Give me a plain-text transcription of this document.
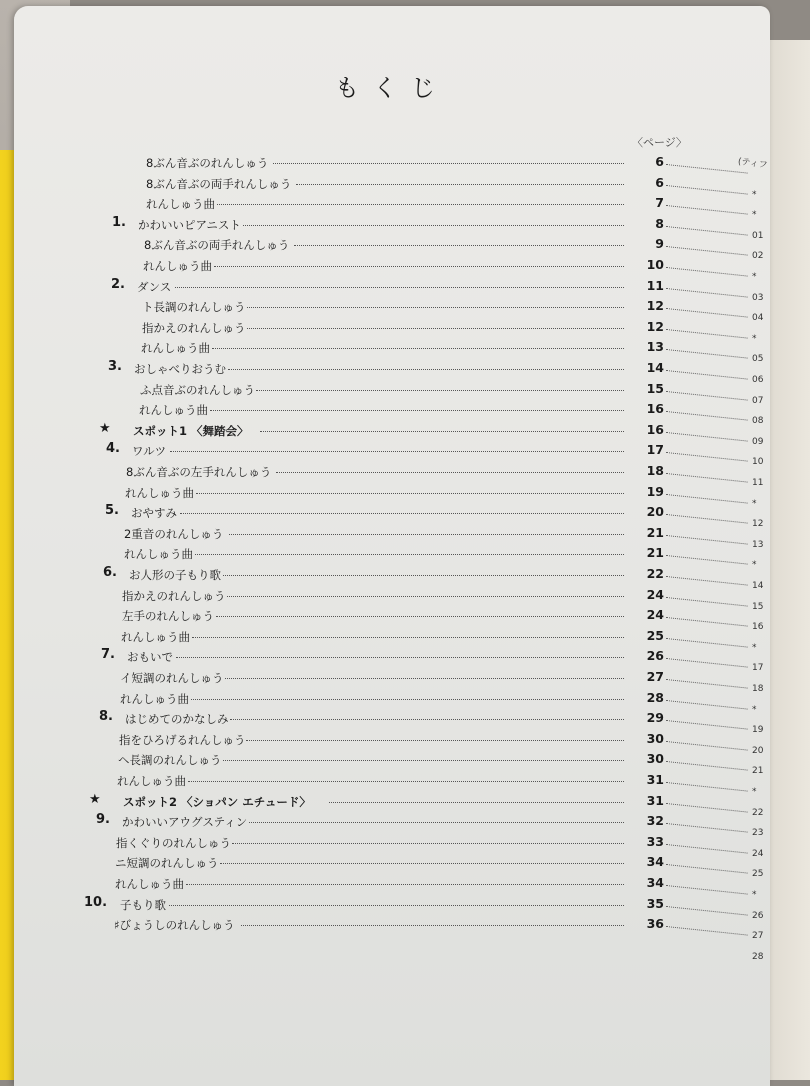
もくじ
〈ページ〉
(ティフ
8ぶん音ぶのれんしゅう	6
8ぶん音ぶの両手れんしゅう	6
*
れんしゅう曲	7
*
1. かわいいピアニスト	8
01
8ぶん音ぶの両手れんしゅう	9
02
れんしゅう曲	10
*
2. ダンス	11
03
ト長調のれんしゅう	12
04
指かえのれんしゅう	12
*
れんしゅう曲	13
05
3. おしゃべりおうむ	14
06
ふ点音ぶのれんしゅう	15
07
れんしゅう曲	16
08
★ スポット1 〈舞踏会〉	16
09
4. ワルツ	17
10
8ぶん音ぶの左手れんしゅう	18
11
れんしゅう曲	19
*
5. おやすみ	20
12
2重音のれんしゅう	21
13
れんしゅう曲	21
*
6. お人形の子もり歌	22
14
指かえのれんしゅう	24
15
左手のれんしゅう	24
16
れんしゅう曲	25
*
7. おもいで	26
17
イ短調のれんしゅう	27
18
れんしゅう曲	28
*
8. はじめてのかなしみ	29
19
指をひろげるれんしゅう	30
20
ヘ長調のれんしゅう	30
21
れんしゅう曲	31
*
★ スポット2 〈ショパン エチュード〉	31
22
9. かわいいアウグスティン	32
23
指くぐりのれんしゅう	33
24
ニ短調のれんしゅう	34
25
れんしゅう曲	34
*
10. 子もり歌	35
26
♯びょうしのれんしゅう	36
27
28
